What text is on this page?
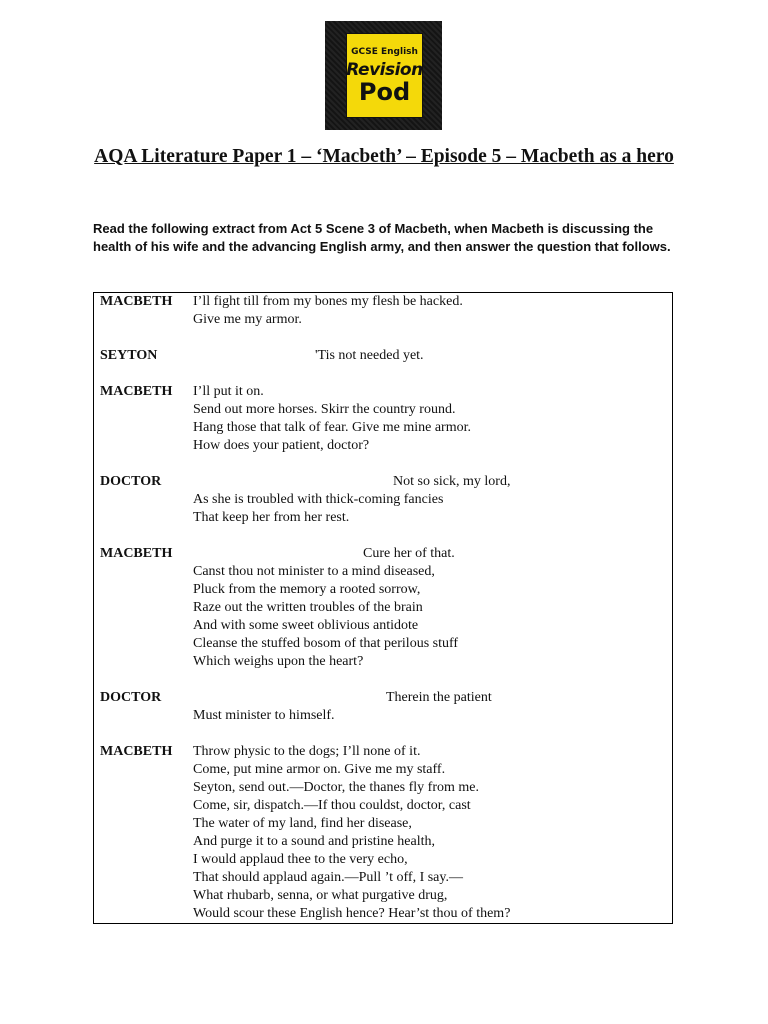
GCSE English
Revision
Pod
AQA Literature Paper 1 – ‘Macbeth’ – Episode 5 – Macbeth as a hero
Read the following extract from Act 5 Scene 3 of Macbeth, when Macbeth is discussing the health of his wife and the advancing English army, and then answer the question that follows.
MACBETH I’ll fight till from my bones my flesh be hacked.
Give me my armor.
SEYTON	'Tis not needed yet.
MACBETH I’ll put it on.
Send out more horses. Skirr the country round.
Hang those that talk of fear. Give me mine armor.
How does your patient, doctor?
DOCTOR	Not so sick, my lord,
As she is troubled with thick-coming fancies
That keep her from her rest.
MACBETH	Cure her of that.
Canst thou not minister to a mind diseased,
Pluck from the memory a rooted sorrow,
Raze out the written troubles of the brain
And with some sweet oblivious antidote
Cleanse the stuffed bosom of that perilous stuff
Which weighs upon the heart?
DOCTOR	Therein the patient
Must minister to himself.
MACBETH Throw physic to the dogs; I’ll none of it.
Come, put mine armor on. Give me my staff.
Seyton, send out.—Doctor, the thanes fly from me.
Come, sir, dispatch.—If thou couldst, doctor, cast
The water of my land, find her disease,
And purge it to a sound and pristine health,
I would applaud thee to the very echo,
That should applaud again.—Pull ’t off, I say.—
What rhubarb, senna, or what purgative drug,
Would scour these English hence? Hear’st thou of them?
